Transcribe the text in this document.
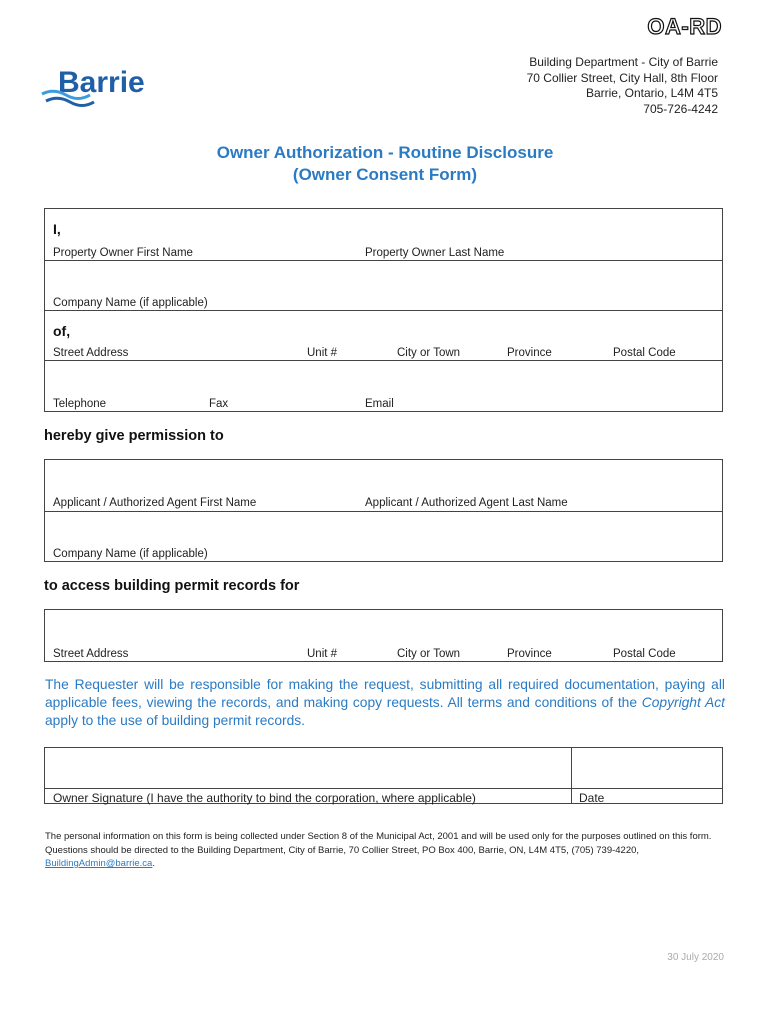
OA-RD
Building Department - City of Barrie
70 Collier Street, City Hall, 8th Floor
Barrie, Ontario, L4M 4T5
705-726-4242
Barrie
Owner Authorization - Routine Disclosure
(Owner Consent Form)
I,
Property Owner First Name	Property Owner Last Name
Company Name (if applicable)
of,
Street Address	Unit #	City or Town	Province	Postal Code
Telephone	Fax	Email
hereby give permission to
Applicant / Authorized Agent First Name	Applicant / Authorized Agent Last Name
Company Name (if applicable)
to access building permit records for
Street Address	Unit #	City or Town	Province	Postal Code
The Requester will be responsible for making the request, submitting all required documentation, paying all applicable fees, viewing the records, and making copy requests. All terms and conditions of the Copyright Act apply to the use of building permit records.
Owner Signature (I have the authority to bind the corporation, where applicable)	Date
The personal information on this form is being collected under Section 8 of the Municipal Act, 2001 and will be used only for the purposes outlined on this form. Questions should be directed to the Building Department, City of Barrie, 70 Collier Street, PO Box 400, Barrie, ON, L4M 4T5, (705) 739-4220, BuildingAdmin@barrie.ca.
30 July 2020
